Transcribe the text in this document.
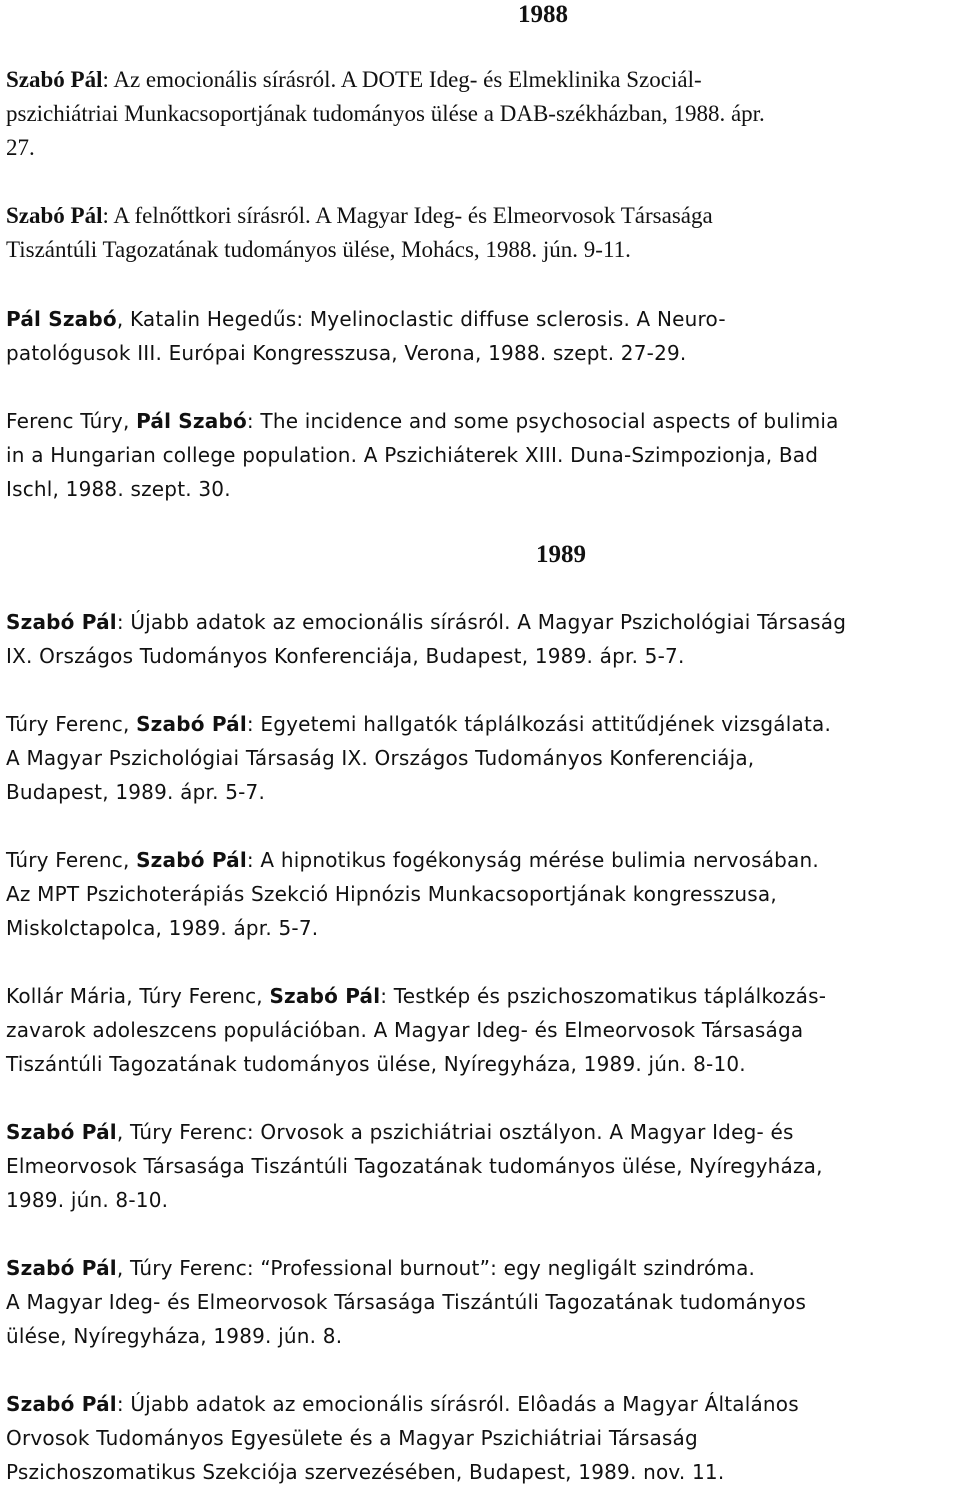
1988

Szabó Pál: Az emocionális sírásról. A DOTE Ideg- és Elmeklinika Szociál-
pszichiátriai Munkacsoportjának tudományos ülése a DAB-székházban, 1988. ápr.
27.

Szabó Pál: A felnőttkori sírásról. A Magyar Ideg- és Elmeorvosok Társasága
Tiszántúli Tagozatának tudományos ülése, Mohács, 1988. jún. 9-11.

Pál Szabó, Katalin Hegedűs: Myelinoclastic diffuse sclerosis. A Neuro-
patológusok III. Európai Kongresszusa, Verona, 1988. szept. 27-29.

Ferenc Túry, Pál Szabó: The incidence and some psychosocial aspects of bulimia
in a Hungarian college population. A Pszichiáterek XIII. Duna-Szimpozionja, Bad
Ischl, 1988. szept. 30.

1989

Szabó Pál: Újabb adatok az emocionális sírásról. A Magyar Pszichológiai Társaság
IX. Országos Tudományos Konferenciája, Budapest, 1989. ápr. 5-7.

Túry Ferenc, Szabó Pál: Egyetemi hallgatók táplálkozási attitűdjének vizsgálata.
A Magyar Pszichológiai Társaság IX. Országos Tudományos Konferenciája,
Budapest, 1989. ápr. 5-7.

Túry Ferenc, Szabó Pál: A hipnotikus fogékonyság mérése bulimia nervosában.
Az MPT Pszichoterápiás Szekció Hipnózis Munkacsoportjának kongresszusa,
Miskolctapolca, 1989. ápr. 5-7.

Kollár Mária, Túry Ferenc, Szabó Pál: Testkép és pszichoszomatikus táplálkozás-
zavarok adoleszcens populációban. A Magyar Ideg- és Elmeorvosok Társasága
Tiszántúli Tagozatának tudományos ülése, Nyíregyháza, 1989. jún. 8-10.

Szabó Pál, Túry Ferenc: Orvosok a pszichiátriai osztályon. A Magyar Ideg- és
Elmeorvosok Társasága Tiszántúli Tagozatának tudományos ülése, Nyíregyháza,
1989. jún. 8-10.

Szabó Pál, Túry Ferenc: “Professional burnout”: egy negligált szindróma.
A Magyar Ideg- és Elmeorvosok Társasága Tiszántúli Tagozatának tudományos
ülése, Nyíregyháza, 1989. jún. 8.

Szabó Pál: Újabb adatok az emocionális sírásról. Elôadás a Magyar Általános
Orvosok Tudományos Egyesülete és a Magyar Pszichiátriai Társaság
Pszichoszomatikus Szekciója szervezésében, Budapest, 1989. nov. 11.
